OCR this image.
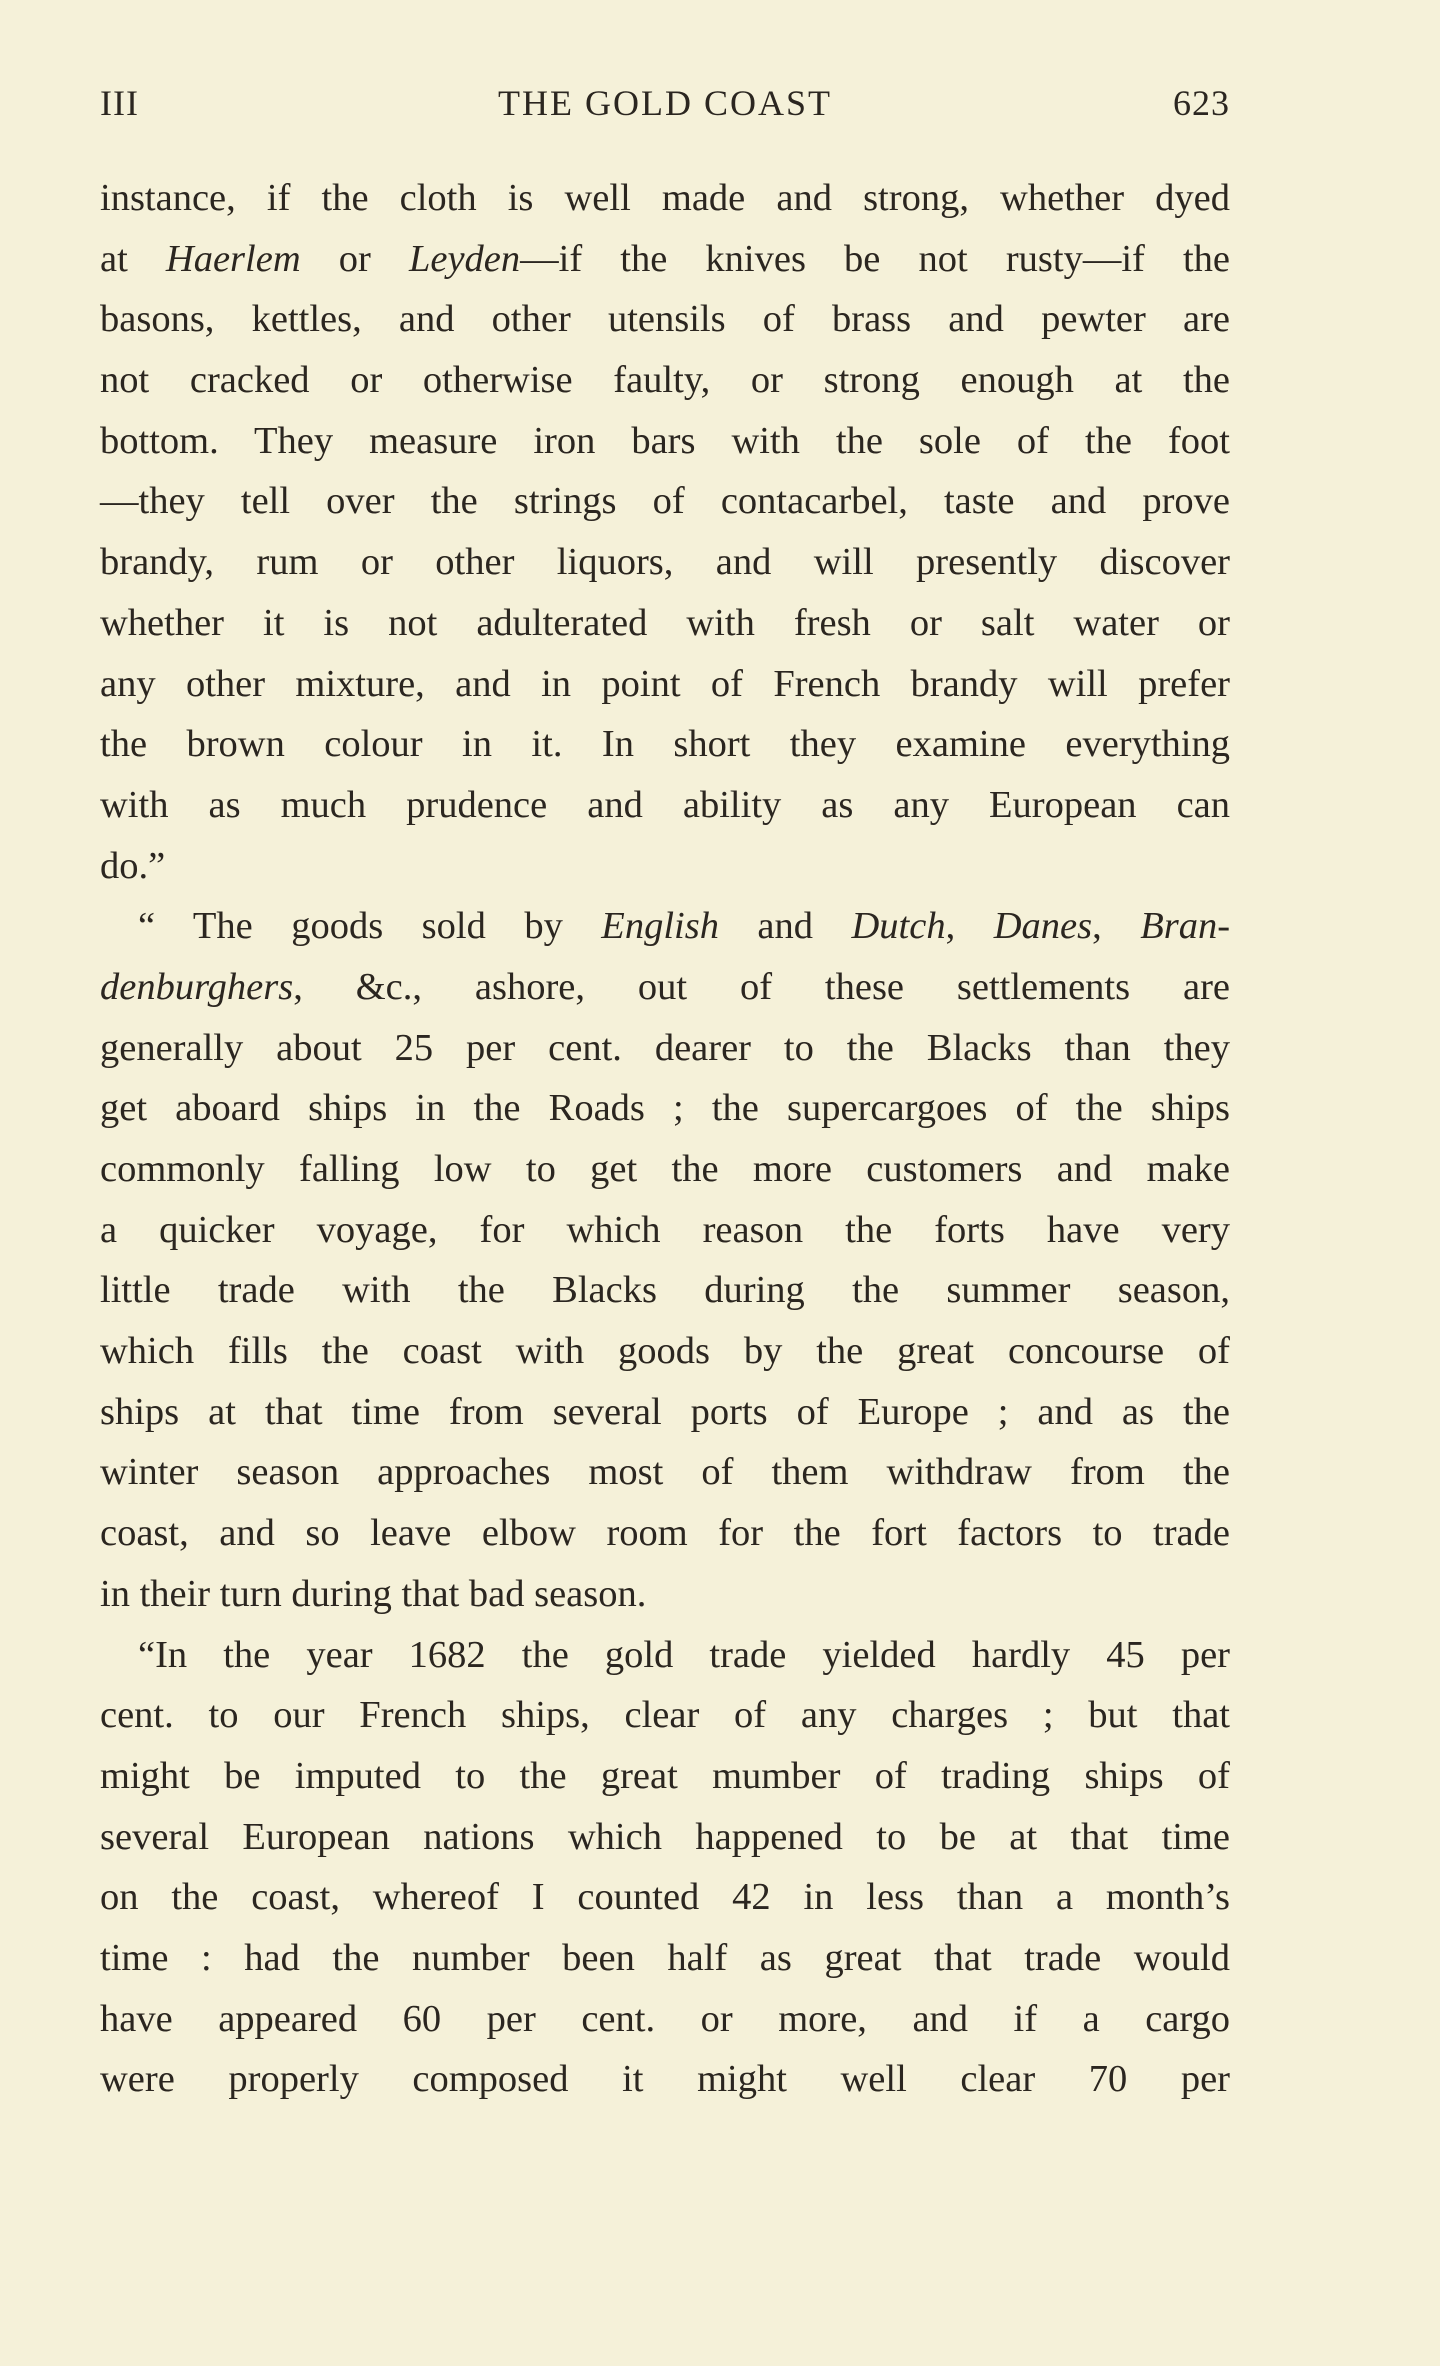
III	THE GOLD COAST	623
instance, if the cloth is well made and strong, whether dyed
at Haerlem or Leyden—if the knives be not rusty—if the
basons, kettles, and other utensils of brass and pewter are
not cracked or otherwise faulty, or strong enough at the
bottom. They measure iron bars with the sole of the foot
—they tell over the strings of contacarbel, taste and prove
brandy, rum or other liquors, and will presently discover
whether it is not adulterated with fresh or salt water or
any other mixture, and in point of French brandy will prefer
the brown colour in it. In short they examine everything
with as much prudence and ability as any European can
do.”
“ The goods sold by English and Dutch, Danes, Bran-
denburghers, &c., ashore, out of these settlements are
generally about 25 per cent. dearer to the Blacks than they
get aboard ships in the Roads ; the supercargoes of the ships
commonly falling low to get the more customers and make
a quicker voyage, for which reason the forts have very
little trade with the Blacks during the summer season,
which fills the coast with goods by the great concourse of
ships at that time from several ports of Europe ; and as the
winter season approaches most of them withdraw from the
coast, and so leave elbow room for the fort factors to trade
in their turn during that bad season.
“In the year 1682 the gold trade yielded hardly 45 per
cent. to our French ships, clear of any charges ; but that
might be imputed to the great mumber of trading ships of
several European nations which happened to be at that time
on the coast, whereof I counted 42 in less than a month’s
time : had the number been half as great that trade would
have appeared 60 per cent. or more, and if a cargo
were properly composed it might well clear 70 per
